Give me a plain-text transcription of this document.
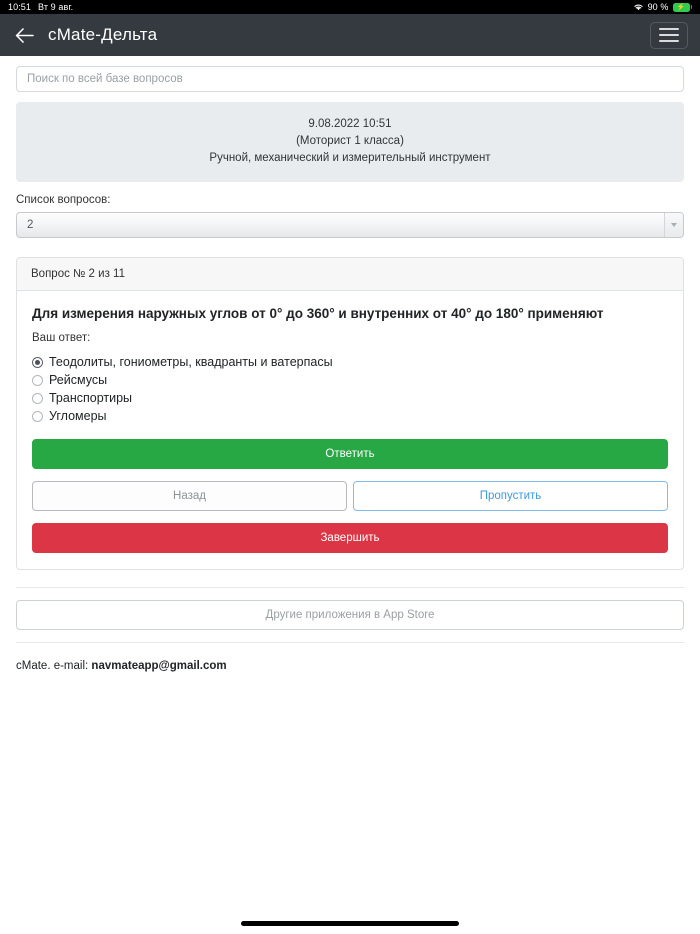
10:51 Вт 9 авг.	90 % ⚡
cMate-Дельта
Поиск по всей базе вопросов
9.08.2022 10:51
(Моторист 1 класса)
Ручной, механический и измерительный инструмент
Список вопросов:
2
Вопрос № 2 из 11
Для измерения наружных углов от 0° до 360° и внутренних от 40° до 180° применяют
Ваш ответ:
Теодолиты, гониометры, квадранты и ватерпасы
Рейсмусы
Транспортиры
Угломеры
Ответить
Назад	Пропустить
Завершить
Другие приложения в App Store
cMate. e-mail: navmateapp@gmail.com
